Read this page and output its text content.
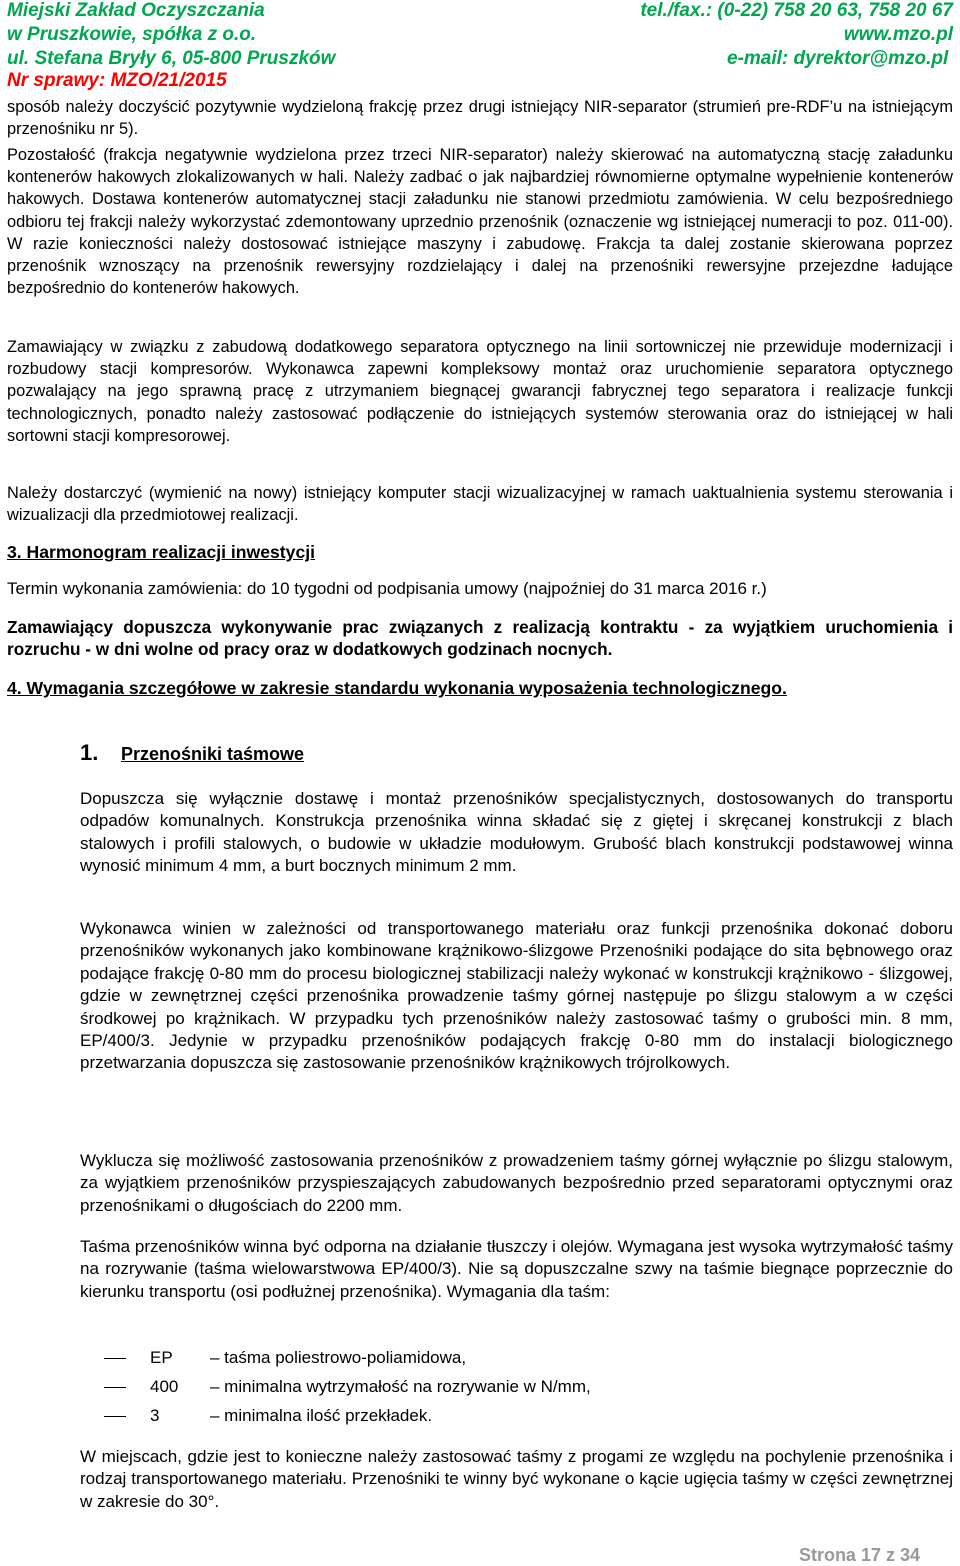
Miejski Zakład Oczyszczania	tel./fax.: (0-22) 758 20 63, 758 20 67
w Pruszkowie, spółka z o.o.	www.mzo.pl
ul. Stefana Bryły 6, 05-800 Pruszków	e-mail: dyrektor@mzo.pl
Nr sprawy: MZO/21/2015

sposób należy doczyścić pozytywnie wydzieloną frakcję przez drugi istniejący NIR-separator (strumień pre-RDF’u na istniejącym przenośniku nr 5).

Pozostałość (frakcja negatywnie wydzielona przez trzeci NIR-separator) należy skierować na automatyczną stację załadunku kontenerów hakowych zlokalizowanych w hali. Należy zadbać o jak najbardziej równomierne optymalne wypełnienie kontenerów hakowych. Dostawa kontenerów automatycznej stacji załadunku nie stanowi przedmiotu zamówienia. W celu bezpośredniego odbioru tej frakcji należy wykorzystać zdemontowany uprzednio przenośnik (oznaczenie wg istniejącej numeracji to poz. 011-00). W razie konieczności należy dostosować istniejące maszyny i zabudowę. Frakcja ta dalej zostanie skierowana poprzez przenośnik wznoszący na przenośnik rewersyjny rozdzielający i dalej na przenośniki rewersyjne przejezdne ładujące bezpośrednio do kontenerów hakowych.

Zamawiający w związku z zabudową dodatkowego separatora optycznego na linii sortowniczej nie przewiduje modernizacji i rozbudowy stacji kompresorów. Wykonawca zapewni kompleksowy montaż oraz uruchomienie separatora optycznego pozwalający na jego sprawną pracę z utrzymaniem biegnącej gwarancji fabrycznej tego separatora i realizacje funkcji technologicznych, ponadto należy zastosować podłączenie do istniejących systemów sterowania oraz do istniejącej w hali sortowni stacji kompresorowej.

Należy dostarczyć (wymienić na nowy) istniejący komputer stacji wizualizacyjnej w ramach uaktualnienia systemu sterowania i wizualizacji dla przedmiotowej realizacji.

3. Harmonogram realizacji inwestycji

Termin wykonania zamówienia: do 10 tygodni od podpisania umowy (najpoźniej do 31 marca 2016 r.)

Zamawiający dopuszcza wykonywanie prac związanych z realizacją kontraktu - za wyjątkiem uruchomienia i rozruchu - w dni wolne od pracy oraz w dodatkowych godzinach nocnych.

4. Wymagania szczegółowe w zakresie standardu wykonania wyposażenia technologicznego.
1. Przenośniki taśmowe

Dopuszcza się wyłącznie dostawę i montaż przenośników specjalistycznych, dostosowanych do transportu odpadów komunalnych. Konstrukcja przenośnika winna składać się z giętej i skręcanej konstrukcji z blach stalowych i profili stalowych, o budowie w układzie modułowym. Grubość blach konstrukcji podstawowej winna wynosić minimum 4 mm, a burt bocznych minimum 2 mm.

Wykonawca winien w zależności od transportowanego materiału oraz funkcji przenośnika dokonać doboru przenośników wykonanych jako kombinowane krążnikowo-ślizgowe Przenośniki podające do sita bębnowego oraz podające frakcję 0-80 mm do procesu biologicznej stabilizacji należy wykonać w konstrukcji krążnikowo - ślizgowej, gdzie w zewnętrznej części przenośnika prowadzenie taśmy górnej następuje po ślizgu stalowym a w części środkowej po krążnikach. W przypadku tych przenośników należy zastosować taśmy o grubości min. 8 mm, EP/400/3. Jedynie w przypadku przenośników podających frakcję 0-80 mm do instalacji biologicznego przetwarzania dopuszcza się zastosowanie przenośników krążnikowych trójrolkowych.

Wyklucza się możliwość zastosowania przenośników z prowadzeniem taśmy górnej wyłącznie po ślizgu stalowym, za wyjątkiem przenośników przyspieszających zabudowanych bezpośrednio przed separatorami optycznymi oraz przenośnikami o długościach do 2200 mm.

Taśma przenośników winna być odporna na działanie tłuszczy i olejów. Wymagana jest wysoka wytrzymałość taśmy na rozrywanie (taśma wielowarstwowa EP/400/3). Nie są dopuszczalne szwy na taśmie biegnące poprzecznie do kierunku transportu (osi podłużnej przenośnika). Wymagania dla taśm:

EP – taśma poliestrowo-poliamidowa,
400 – minimalna wytrzymałość na rozrywanie w N/mm,
3	– minimalna ilość przekładek.

W miejscach, gdzie jest to konieczne należy zastosować taśmy z progami ze względu na pochylenie przenośnika i rodzaj transportowanego materiału. Przenośniki te winny być wykonane o kącie ugięcia taśmy w części zewnętrznej w zakresie do 30°.

Strona 17 z 34
